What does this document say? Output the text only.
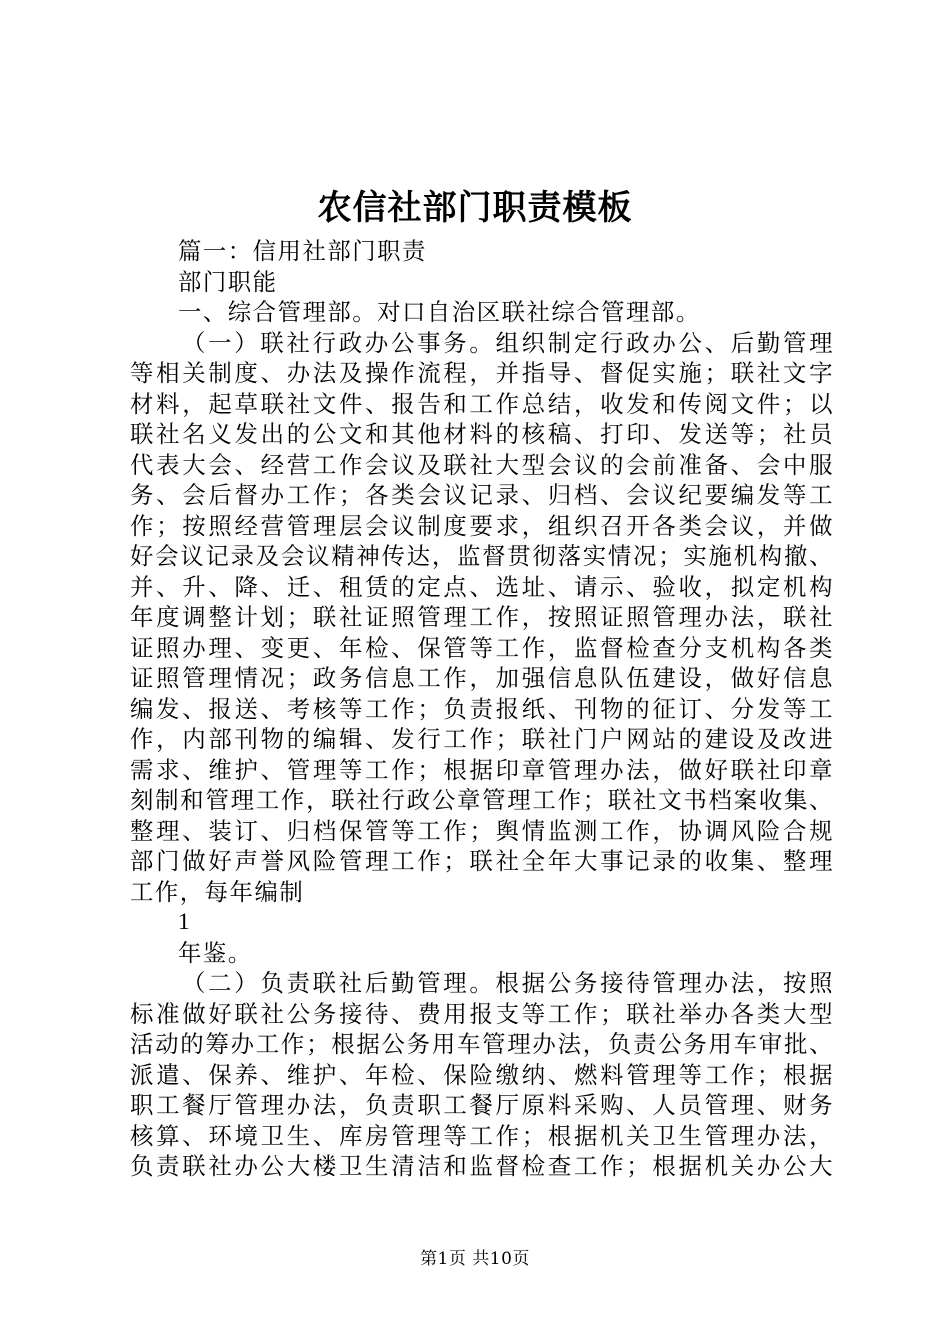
农信社部门职责模板
篇一：信用社部门职责
部门职能
一、综合管理部。对口自治区联社综合管理部。
（一）联社行政办公事务。组织制定行政办公、后勤管理
等相关制度、办法及操作流程，并指导、督促实施；联社文字
材料，起草联社文件、报告和工作总结，收发和传阅文件；以
联社名义发出的公文和其他材料的核稿、打印、发送等；社员
代表大会、经营工作会议及联社大型会议的会前准备、会中服
务、会后督办工作；各类会议记录、归档、会议纪要编发等工
作；按照经营管理层会议制度要求，组织召开各类会议，并做
好会议记录及会议精神传达，监督贯彻落实情况；实施机构撤、
并、升、降、迁、租赁的定点、选址、请示、验收，拟定机构
年度调整计划；联社证照管理工作，按照证照管理办法，联社
证照办理、变更、年检、保管等工作，监督检查分支机构各类
证照管理情况；政务信息工作，加强信息队伍建设，做好信息
编发、报送、考核等工作；负责报纸、刊物的征订、分发等工
作，内部刊物的编辑、发行工作；联社门户网站的建设及改进
需求、维护、管理等工作；根据印章管理办法，做好联社印章
刻制和管理工作，联社行政公章管理工作；联社文书档案收集、
整理、装订、归档保管等工作；舆情监测工作，协调风险合规
部门做好声誉风险管理工作；联社全年大事记录的收集、整理
工作，每年编制
1
年鉴。
（二）负责联社后勤管理。根据公务接待管理办法，按照
标准做好联社公务接待、费用报支等工作；联社举办各类大型
活动的筹办工作；根据公务用车管理办法，负责公务用车审批、
派遣、保养、维护、年检、保险缴纳、燃料管理等工作；根据
职工餐厅管理办法，负责职工餐厅原料采购、人员管理、财务
核算、环境卫生、库房管理等工作；根据机关卫生管理办法，
负责联社办公大楼卫生清洁和监督检查工作；根据机关办公大
第1页 共10页
